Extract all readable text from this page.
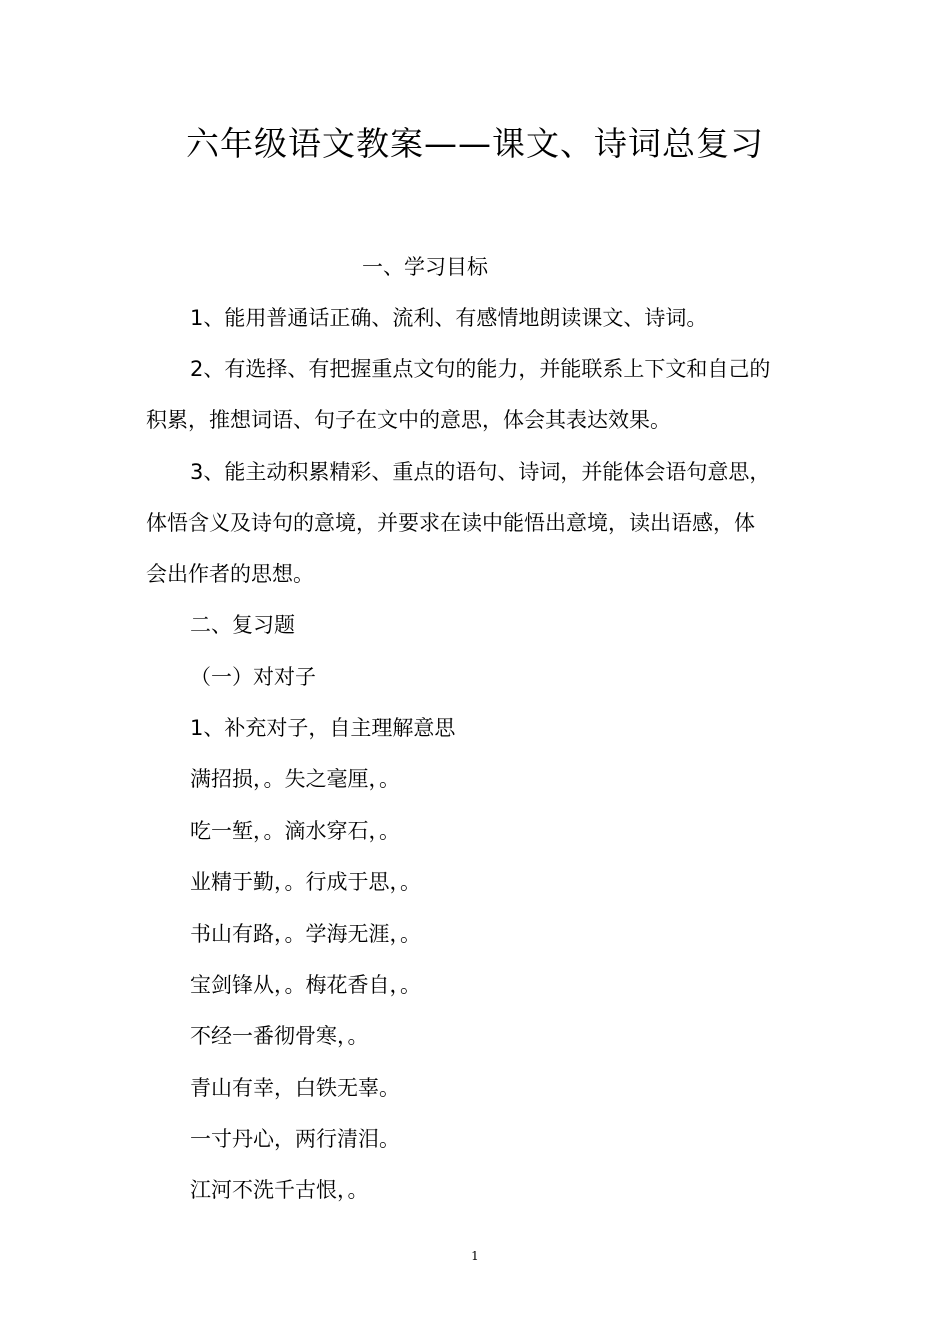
六年级语文教案——课文、诗词总复习
一、学习目标
1、能用普通话正确、流利、有感情地朗读课文、诗词。
2、有选择、有把握重点文句的能力，并能联系上下文和自己的
积累，推想词语、句子在文中的意思，体会其表达效果。
3、能主动积累精彩、重点的语句、诗词，并能体会语句意思，
体悟含义及诗句的意境，并要求在读中能悟出意境，读出语感，体
会出作者的思想。
二、复习题
（一）对对子
1、补充对子，自主理解意思
满招损，。失之毫厘，。
吃一堑，。滴水穿石，。
业精于勤，。行成于思，。
书山有路，。学海无涯，。
宝剑锋从，。梅花香自，。
不经一番彻骨寒，。
青山有幸，白铁无辜。
一寸丹心，两行清泪。
江河不洗千古恨，。
1
